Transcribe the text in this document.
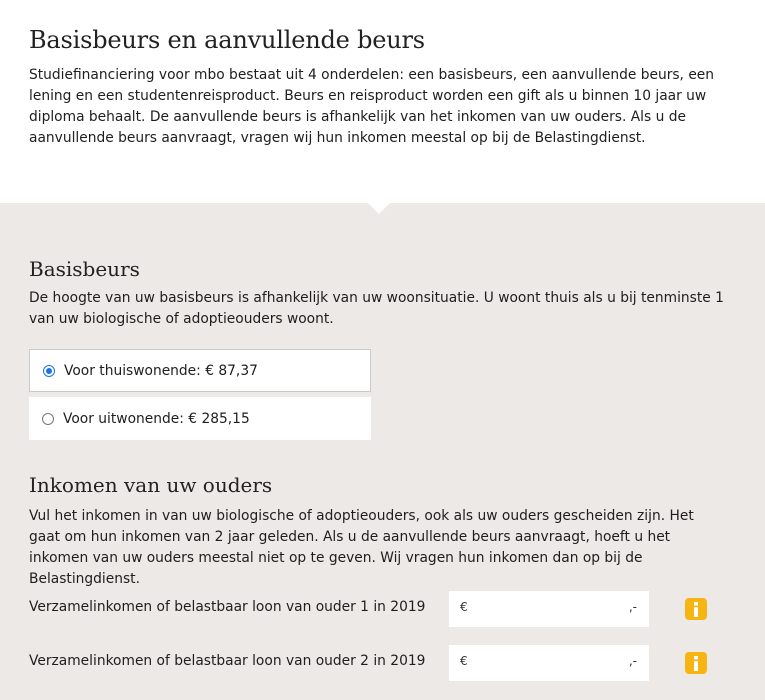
Basisbeurs en aanvullende beurs

Studiefinanciering voor mbo bestaat uit 4 onderdelen: een basisbeurs, een aanvullende beurs, een lening en een studentenreisproduct. Beurs en reisproduct worden een gift als u binnen 10 jaar uw diploma behaalt. De aanvullende beurs is afhankelijk van het inkomen van uw ouders. Als u de aanvullende beurs aanvraagt, vragen wij hun inkomen meestal op bij de Belastingdienst.

Basisbeurs

De hoogte van uw basisbeurs is afhankelijk van uw woonsituatie. U woont thuis als u bij tenminste 1 van uw biologische of adoptieouders woont.

Voor thuiswonende: € 87,37
Voor uitwonende: € 285,15
Inkomen van uw ouders

Vul het inkomen in van uw biologische of adoptieouders, ook als uw ouders gescheiden zijn. Het gaat om hun inkomen van 2 jaar geleden. Als u de aanvullende beurs aanvraagt, hoeft u het inkomen van uw ouders meestal niet op te geven. Wij vragen hun inkomen dan op bij de Belastingdienst.

Verzamelinkomen of belastbaar loon van ouder 1 in 2019	€	,-
Verzamelinkomen of belastbaar loon van ouder 2 in 2019	€	,-
